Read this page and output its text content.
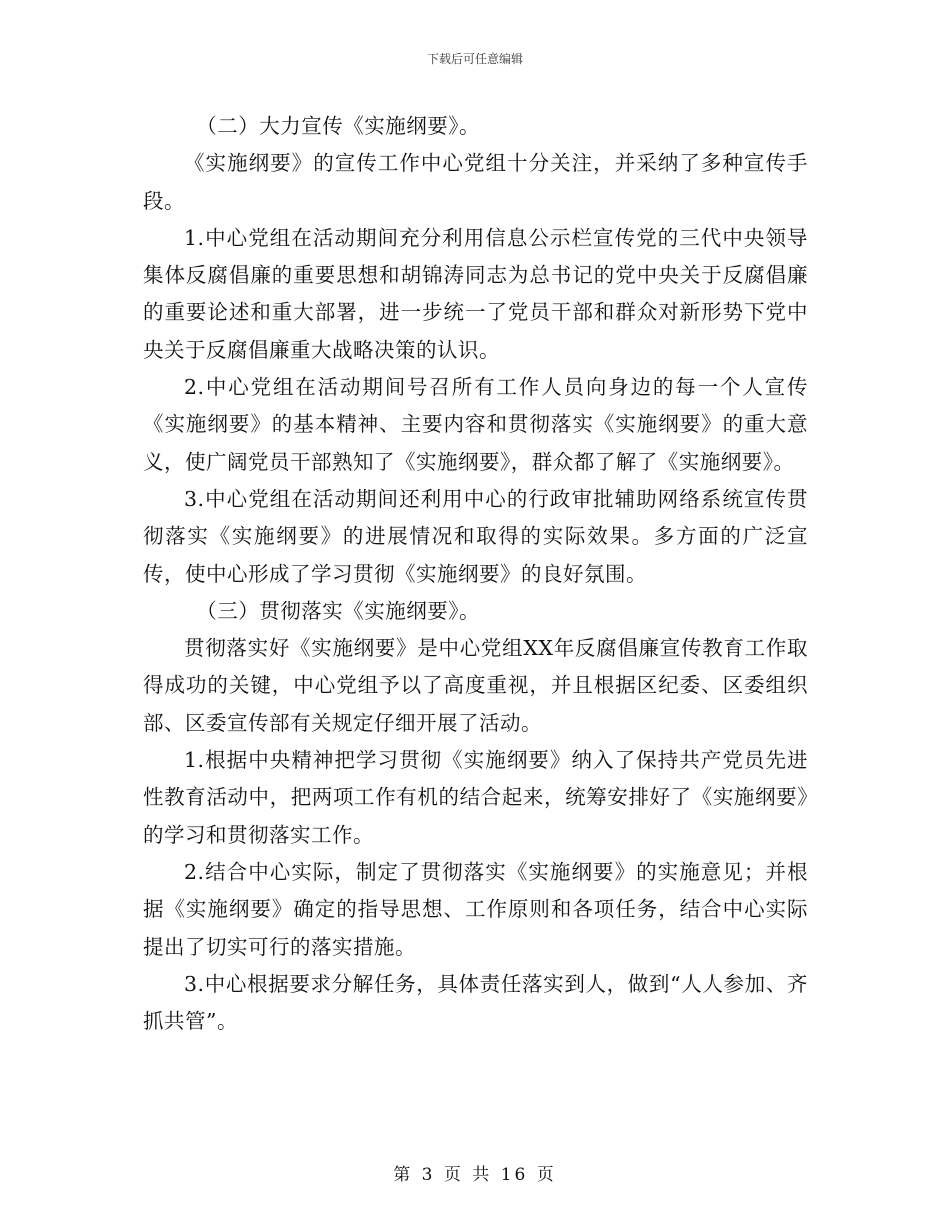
下载后可任意编辑

（二）大力宣传《实施纲要》。

《实施纲要》的宣传工作中心党组十分关注，并采纳了多种宣传手段。

1.中心党组在活动期间充分利用信息公示栏宣传党的三代中央领导集体反腐倡廉的重要思想和胡锦涛同志为总书记的党中央关于反腐倡廉的重要论述和重大部署，进一步统一了党员干部和群众对新形势下党中央关于反腐倡廉重大战略决策的认识。

2.中心党组在活动期间号召所有工作人员向身边的每一个人宣传《实施纲要》的基本精神、主要内容和贯彻落实《实施纲要》的重大意义，使广阔党员干部熟知了《实施纲要》，群众都了解了《实施纲要》。

3.中心党组在活动期间还利用中心的行政审批辅助网络系统宣传贯彻落实《实施纲要》的进展情况和取得的实际效果。多方面的广泛宣传，使中心形成了学习贯彻《实施纲要》的良好氛围。

（三）贯彻落实《实施纲要》。

贯彻落实好《实施纲要》是中心党组XX年反腐倡廉宣传教育工作取得成功的关键，中心党组予以了高度重视，并且根据区纪委、区委组织部、区委宣传部有关规定仔细开展了活动。

1.根据中央精神把学习贯彻《实施纲要》纳入了保持共产党员先进性教育活动中，把两项工作有机的结合起来，统筹安排好了《实施纲要》的学习和贯彻落实工作。

2.结合中心实际，制定了贯彻落实《实施纲要》的实施意见；并根据《实施纲要》确定的指导思想、工作原则和各项任务，结合中心实际提出了切实可行的落实措施。

3.中心根据要求分解任务，具体责任落实到人，做到“人人参加、齐抓共管”。

第 3 页 共 16 页
